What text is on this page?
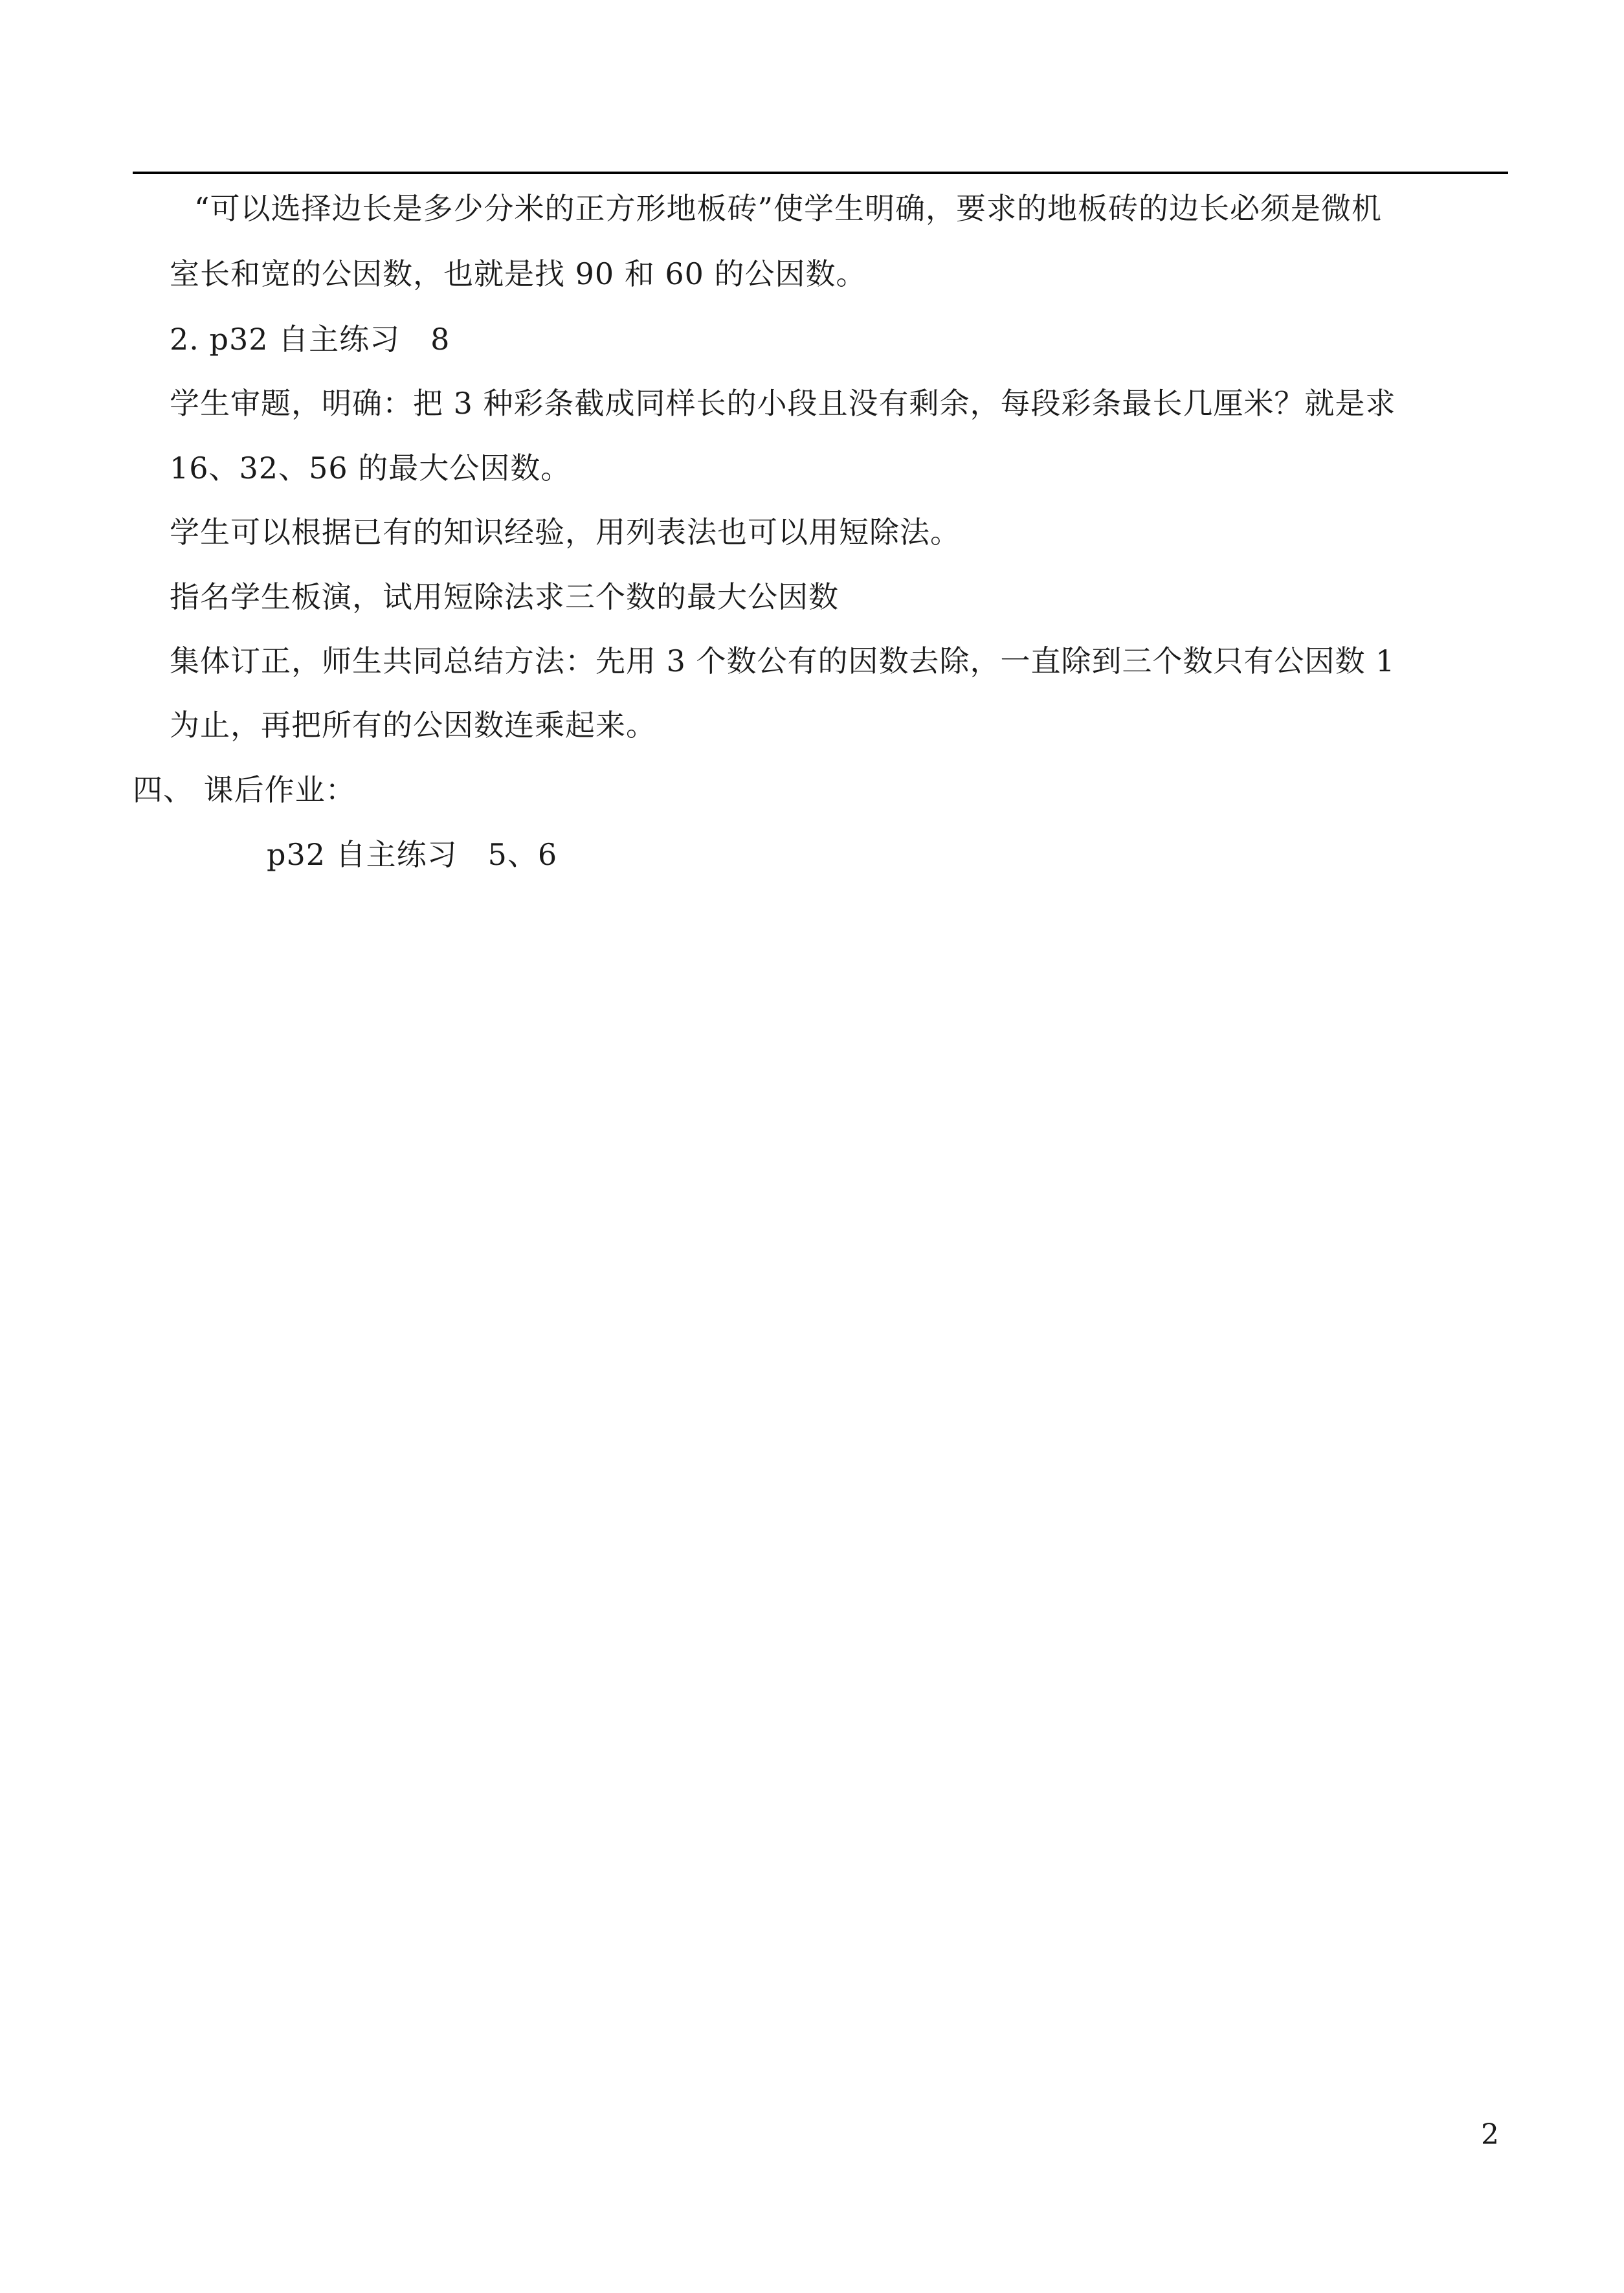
“可以选择边长是多少分米的正方形地板砖”使学生明确，要求的地板砖的边长必须是微机
室长和宽的公因数，也就是找 90 和 60 的公因数。
2. p32 自主练习　8
学生审题，明确：把 3 种彩条截成同样长的小段且没有剩余，每段彩条最长几厘米？就是求
16、32、56 的最大公因数。
学生可以根据已有的知识经验，用列表法也可以用短除法。
指名学生板演，试用短除法求三个数的最大公因数
集体订正，师生共同总结方法：先用 3 个数公有的因数去除，一直除到三个数只有公因数 1
为止，再把所有的公因数连乘起来。
四、 课后作业：
p32 自主练习　5、6
2
